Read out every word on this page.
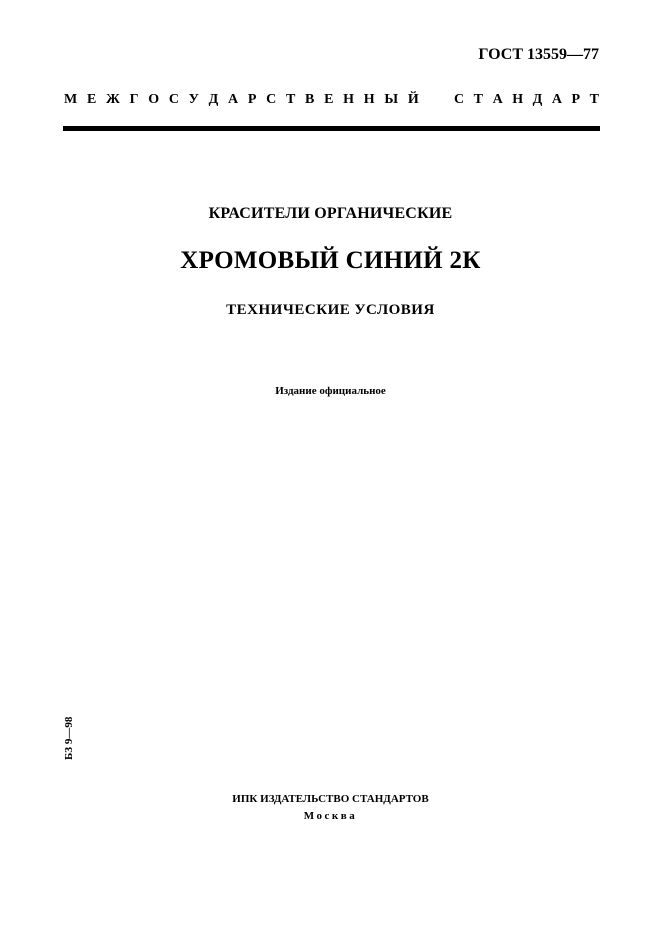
ГОСТ 13559—77
М Е Ж Г О С У Д А Р С Т В Е Н Н Ы Й	С Т А Н Д А Р Т
КРАСИТЕЛИ ОРГАНИЧЕСКИЕ
ХРОМОВЫЙ СИНИЙ 2К
ТЕХНИЧЕСКИЕ УСЛОВИЯ
Издание официальное
БЗ 9—98
ИПК ИЗДАТЕЛЬСТВО СТАНДАРТОВ
Москва
